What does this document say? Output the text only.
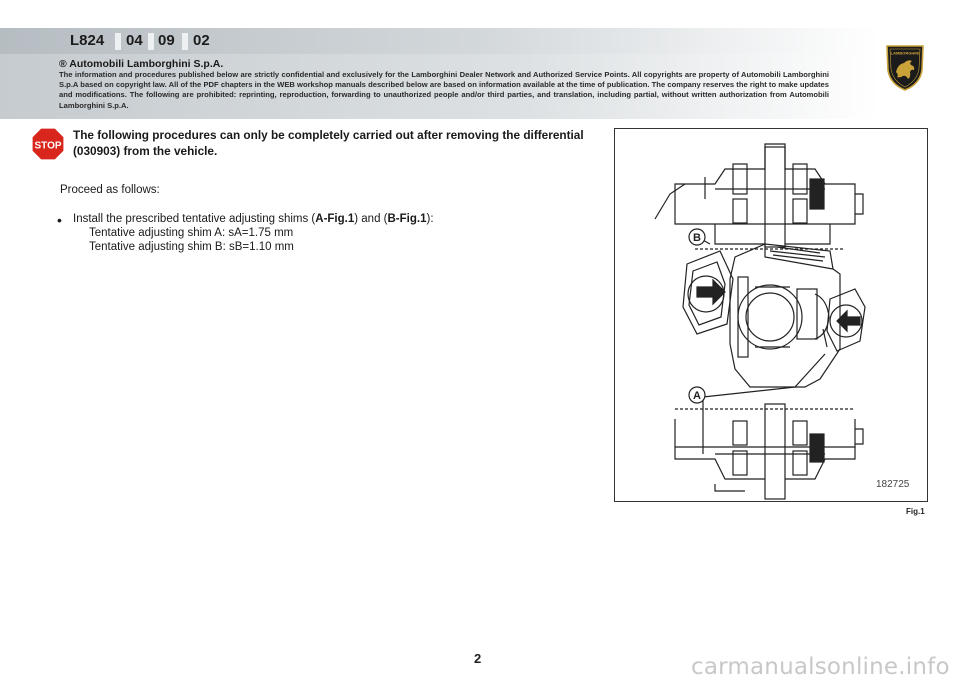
L824 04 09 02
® Automobili Lamborghini S.p.A.
The information and procedures published below are strictly confidential and exclusively for the Lamborghini Dealer Network and Authorized Service Points. All copyrights are property of Automobili Lamborghini S.p.A based on copyright law. All of the PDF chapters in the WEB workshop manuals described below are based on information available at the time of publication. The company reserves the right to make updates and modifications. The following are prohibited: reprinting, reproduction, forwarding to unauthorized people and/or third parties, and translation, including partial, without written authorization from Automobili Lamborghini S.p.A.
LAMBORGHINI
STOP
The following procedures can only be completely carried out after removing the differential (030903) from the vehicle.
Proceed as follows:
• Install the prescribed tentative adjusting shims (A-Fig.1) and (B-Fig.1):
Tentative adjusting shim A: sA=1.75 mm
Tentative adjusting shim B: sB=1.10 mm
B
A
182725
Fig.1
2	carmanualsonline.info
